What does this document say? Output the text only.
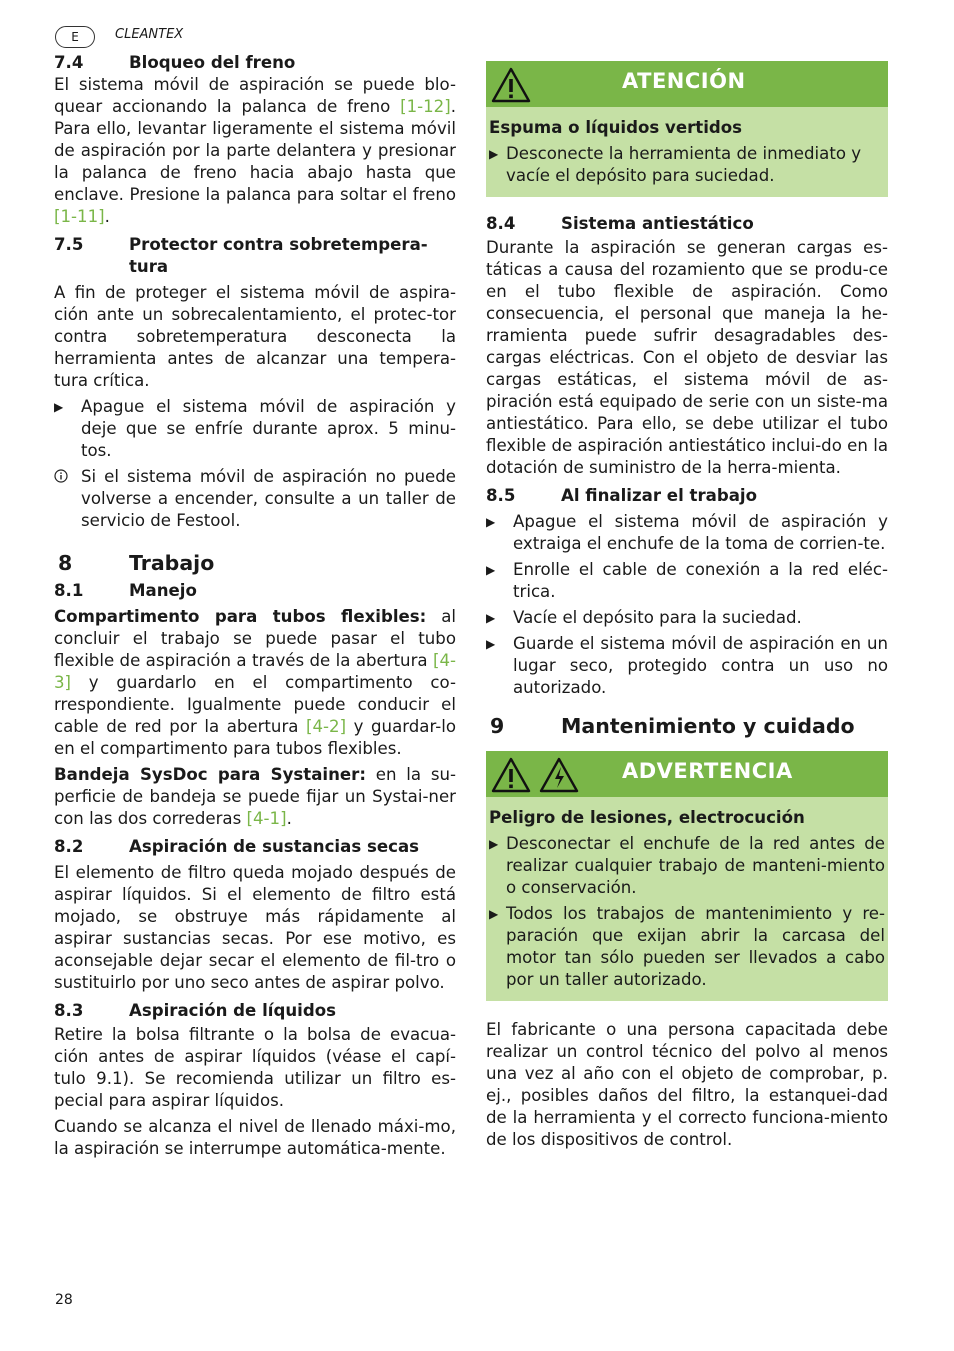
E	CLEANTEX
7.4	Bloqueo del freno

El sistema móvil de aspiración se puede blo-quear accionando la palanca de freno [1-12]. Para ello, levantar ligeramente el sistema móvil de aspiración por la parte delantera y presionar la palanca de freno hacia abajo hasta que enclave. Presione la palanca para soltar el freno [1-11].

7.5	Protector contra sobretempera-tura

A fin de proteger el sistema móvil de aspira-ción ante un sobrecalentamiento, el protec-tor contra sobretemperatura desconecta la herramienta antes de alcanzar una tempera-tura crítica.

▶	Apague el sistema móvil de aspiración y deje que se enfríe durante aprox. 5 minu-tos.
Si el sistema móvil de aspiración no puede volverse a encender, consulte a un taller de servicio de Festool.
8	Trabajo
8.1	Manejo

Compartimento para tubos flexibles: al concluir el trabajo se puede pasar el tubo flexible de aspiración a través de la abertura [4-3] y guardarlo en el compartimento co-rrespondiente. Igualmente puede conducir el cable de red por la abertura [4-2] y guardar-lo en el compartimento para tubos flexibles.

Bandeja SysDoc para Systainer: en la su-perficie de bandeja se puede fijar un Systai-ner con las dos correderas [4-1].

8.2	Aspiración de sustancias secas

El elemento de filtro queda mojado después de aspirar líquidos. Si el elemento de filtro está mojado, se obstruye más rápidamente al aspirar sustancias secas. Por ese motivo, es aconsejable dejar secar el elemento de fil-tro o sustituirlo por uno seco antes de aspirar polvo.

8.3	Aspiración de líquidos

Retire la bolsa filtrante o la bolsa de evacua-ción antes de aspirar líquidos (véase el capí-tulo 9.1). Se recomienda utilizar un filtro es-pecial para aspirar líquidos.

Cuando se alcanza el nivel de llenado máxi-mo, la aspiración se interrumpe automática-mente.

ATENCIÓN
Espuma o líquidos vertidos
▶ Desconecte la herramienta de inmediato y vacíe el depósito para suciedad.
8.4	Sistema antiestático

Durante la aspiración se generan cargas es-táticas a causa del rozamiento que se produ-ce en el tubo flexible de aspiración. Como consecuencia, el personal que maneja la he-rramienta puede sufrir desagradables des-cargas eléctricas. Con el objeto de desviar las cargas estáticas, el sistema móvil de as-piración está equipado de serie con un siste-ma antiestático. Para ello, se debe utilizar el tubo flexible de aspiración antiestático inclui-do en la dotación de suministro de la herra-mienta.

8.5	Al finalizar el trabajo
▶	Apague el sistema móvil de aspiración y extraiga el enchufe de la toma de corrien-te.
▶	Enrolle el cable de conexión a la red eléc-trica.
▶	Vacíe el depósito para la suciedad.
▶	Guarde el sistema móvil de aspiración en un lugar seco, protegido contra un uso no autorizado.
9	Mantenimiento y cuidado
ADVERTENCIA
Peligro de lesiones, electrocución
▶ Desconectar el enchufe de la red antes de realizar cualquier trabajo de manteni-miento o conservación.
▶ Todos los trabajos de mantenimiento y re-paración que exijan abrir la carcasa del motor tan sólo pueden ser llevados a cabo por un taller autorizado.

El fabricante o una persona capacitada debe realizar un control técnico del polvo al menos una vez al año con el objeto de comprobar, p. ej., posibles daños del filtro, la estanquei-dad de la herramienta y el correcto funciona-miento de los dispositivos de control.

28
